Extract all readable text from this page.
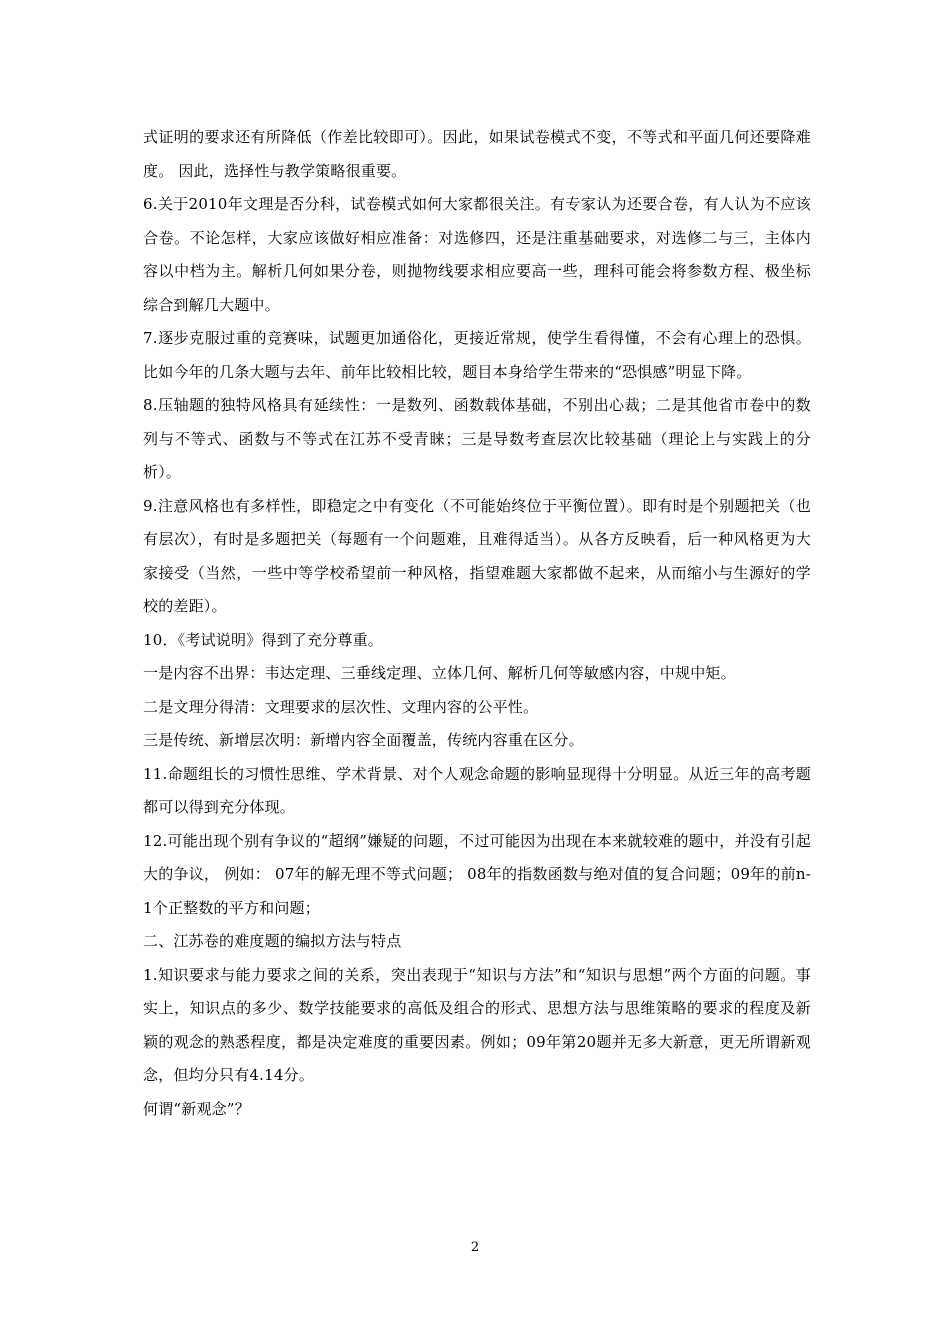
式证明的要求还有所降低（作差比较即可）。因此，如果试卷模式不变，不等式和平面几何还要降难度。 因此，选择性与教学策略很重要。

6.关于2010年文理是否分科，试卷模式如何大家都很关注。有专家认为还要合卷，有人认为不应该合卷。不论怎样，大家应该做好相应准备：对选修四，还是注重基础要求，对选修二与三，主体内容以中档为主。解析几何如果分卷，则抛物线要求相应要高一些，理科可能会将参数方程、极坐标综合到解几大题中。

7.逐步克服过重的竞赛味，试题更加通俗化，更接近常规，使学生看得懂，不会有心理上的恐惧。比如今年的几条大题与去年、前年比较相比较，题目本身给学生带来的“恐惧感”明显下降。

8.压轴题的独特风格具有延续性：一是数列、函数载体基础，不别出心裁；二是其他省市卷中的数列与不等式、函数与不等式在江苏不受青睐；三是导数考查层次比较基础（理论上与实践上的分析）。

9.注意风格也有多样性，即稳定之中有变化（不可能始终位于平衡位置）。即有时是个别题把关（也有层次），有时是多题把关（每题有一个问题难，且难得适当）。从各方反映看，后一种风格更为大家接受（当然，一些中等学校希望前一种风格，指望难题大家都做不起来，从而缩小与生源好的学校的差距）。

10．《考试说明》得到了充分尊重。

一是内容不出界：韦达定理、三垂线定理、立体几何、解析几何等敏感内容，中规中矩。

二是文理分得清：文理要求的层次性、文理内容的公平性。

三是传统、新增层次明：新增内容全面覆盖，传统内容重在区分。

11.命题组长的习惯性思维、学术背景、对个人观念命题的影响显现得十分明显。从近三年的高考题都可以得到充分体现。

12.可能出现个别有争议的“超纲”嫌疑的问题，不过可能因为出现在本来就较难的题中，并没有引起大的争议， 例如： 07年的解无理不等式问题； 08年的指数函数与绝对值的复合问题；09年的前n-1个正整数的平方和问题；

二、江苏卷的难度题的编拟方法与特点

1.知识要求与能力要求之间的关系，突出表现于“知识与方法”和“知识与思想”两个方面的问题。事实上，知识点的多少、数学技能要求的高低及组合的形式、思想方法与思维策略的要求的程度及新颖的观念的熟悉程度，都是决定难度的重要因素。例如；09年第20题并无多大新意，更无所谓新观念，但均分只有4.14分。

何谓“新观念”？

2
